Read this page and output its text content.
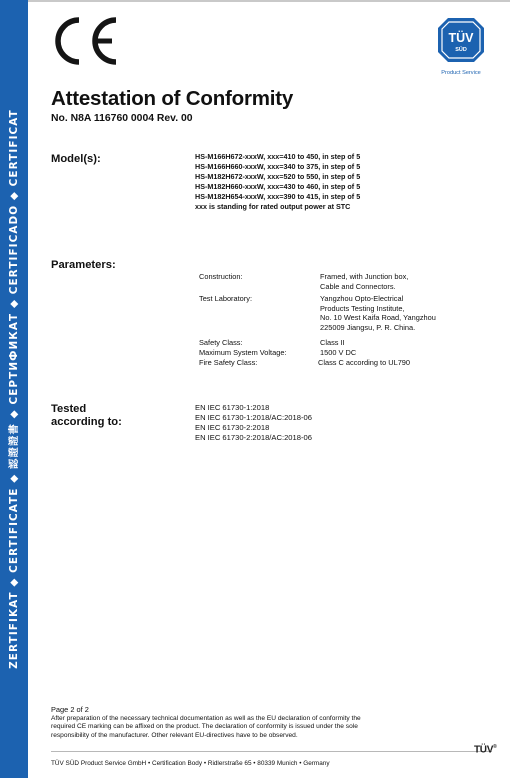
ZERTIFIKAT ◆ CERTIFICATE ◆ 認證證書 ◆ СЕРТИФИКАТ ◆ CERTIFICADO ◆ CERTIFICAT
TÜV
SÜD
Product Service
Attestation of Conformity
No. N8A 116760 0004 Rev. 00
Model(s):	HS-M166H672-xxxW, xxx=410 to 450, in step of 5
HS-M166H660-xxxW, xxx=340 to 375, in step of 5
HS-M182H672-xxxW, xxx=520 to 550, in step of 5
HS-M182H660-xxxW, xxx=430 to 460, in step of 5
HS-M182H654-xxxW, xxx=390 to 415, in step of 5
xxx is standing for rated output power at STC
Parameters:
Construction:	Framed, with Junction box,
Cable and Connectors.
Test Laboratory:	Yangzhou Opto-Electrical
Products Testing Institute,
No. 10 West Kaifa Road, Yangzhou
225009 Jiangsu, P. R. China.
Safety Class:	Class II
Maximum System Voltage:	1500 V DC
Fire Safety Class:	Class C according to UL790
Tested
according to:
EN IEC 61730-1:2018
EN IEC 61730-1:2018/AC:2018-06
EN IEC 61730-2:2018
EN IEC 61730-2:2018/AC:2018-06
Page 2 of 2
After preparation of the necessary technical documentation as well as the EU declaration of conformity the
required CE marking can be affixed on the product. The declaration of conformity is issued under the sole
responsibility of the manufacturer. Other relevant EU-directives have to be observed.
TÜV SÜD Product Service GmbH • Certification Body • Ridlerstraße 65 • 80339 Munich • Germany
TÜV®
